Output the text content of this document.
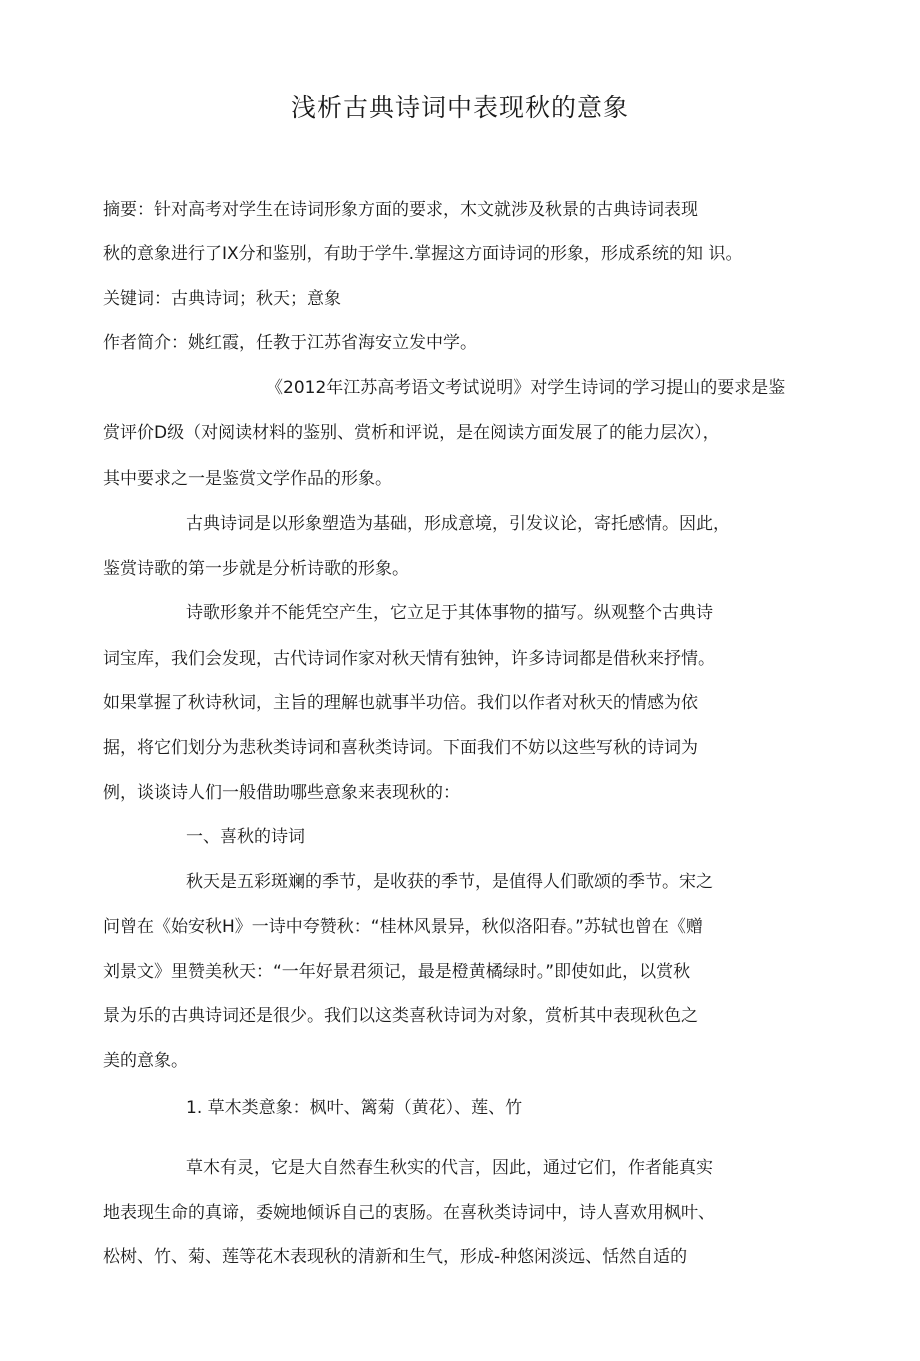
浅析古典诗词中表现秋的意象
摘要：针对高考对学生在诗词形象方面的要求，木文就涉及秋景的古典诗词表现
秋的意象进行了IX分和鉴别，有助于学牛.掌握这方面诗词的形象，形成系统的知 识。
关键词：古典诗词；秋天；意象
作者简介：姚红霞，任教于江苏省海安立发中学。
《2012年江苏高考语文考试说明》对学生诗词的学习提山的要求是鉴
赏评价D级（对阅读材料的鉴别、赏析和评说，是在阅读方面发展了的能力层次），
其中要求之一是鉴赏文学作品的形象。
古典诗词是以形象塑造为基础，形成意境，引发议论，寄托感情。因此，
鉴赏诗歌的第一步就是分析诗歌的形象。
诗歌形象并不能凭空产生，它立足于其体事物的描写。纵观整个古典诗
词宝库，我们会发现，古代诗词作家对秋天情有独钟，许多诗词都是借秋来抒情。
如果掌握了秋诗秋词，主旨的理解也就事半功倍。我们以作者对秋天的情感为依
据，将它们划分为悲秋类诗词和喜秋类诗词。下面我们不妨以这些写秋的诗词为
例，谈谈诗人们一般借助哪些意象来表现秋的：
一、喜秋的诗词
秋天是五彩斑斓的季节，是收获的季节，是值得人们歌颂的季节。宋之
问曾在《始安秋H》一诗中夸赞秋：“桂林风景异，秋似洛阳春。”苏轼也曾在《赠
刘景文》里赞美秋天：“一年好景君须记，最是橙黄橘绿时。”即使如此，以赏秋
景为乐的古典诗词还是很少。我们以这类喜秋诗词为对象，赏析其中表现秋色之
美的意象。
1. 草木类意象：枫叶、篱菊（黄花）、莲、竹
草木有灵，它是大自然春生秋实的代言，因此，通过它们，作者能真实
地表现生命的真谛，委婉地倾诉自己的衷肠。在喜秋类诗词中，诗人喜欢用枫叶、
松树、竹、菊、莲等花木表现秋的清新和生气，形成-种悠闲淡远、恬然自适的
